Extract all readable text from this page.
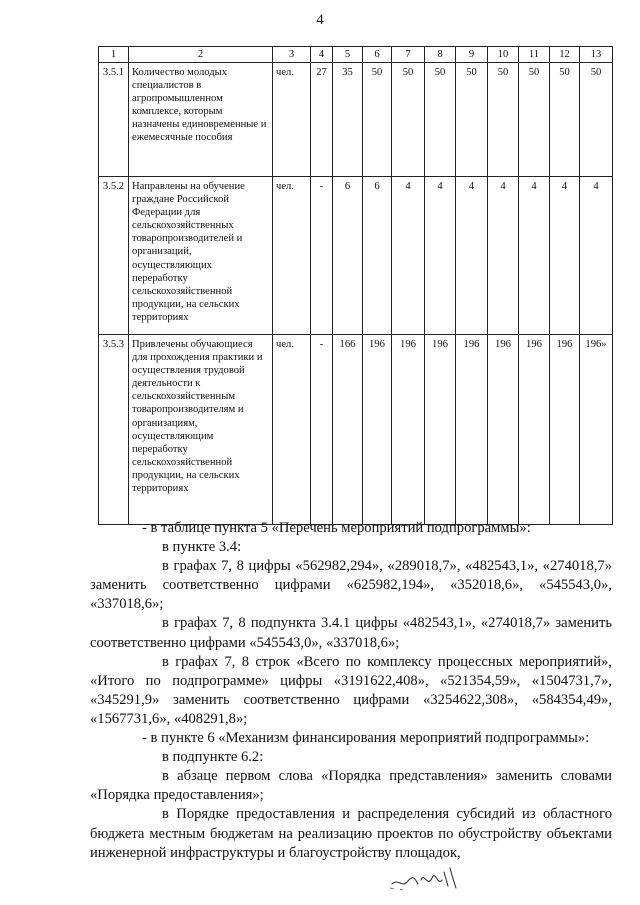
4
1	2	3	4	5	6	7	8	9	10	11	12	13
3.5.1	Количество молодых специалистов в агропромышленном комплексе, которым назначены единовременные и ежемесячные пособия	чел.	27	35	50	50	50	50	50	50	50	50
3.5.2	Направлены на обучение граждане Российской Федерации для сельскохозяйственных товаропроизводителей и организаций, осуществляющих переработку сельскохозяйственной продукции, на сельских территориях	чел.	-	6	6	4	4	4	4	4	4	4
3.5.3	Привлечены обучающиеся для прохождения практики и осуществления трудовой деятельности к сельскохозяйственным товаропроизводителям и организациям, осуществляющим переработку сельскохозяйственной продукции, на сельских территориях	чел.	-	166	196	196	196	196	196	196	196	196»

- в таблице пункта 5 «Перечень мероприятий подпрограммы»:

в пункте 3.4:

в графах 7, 8 цифры «562982,294», «289018,7», «482543,1», «274018,7» заменить соответственно цифрами «625982,194», «352018,6», «545543,0», «337018,6»;

в графах 7, 8 подпункта 3.4.1 цифры «482543,1», «274018,7» заменить соответственно цифрами «545543,0», «337018,6»;

в графах 7, 8 строк «Всего по комплексу процессных мероприятий», «Итого по подпрограмме» цифры «3191622,408», «521354,59», «1504731,7», «345291,9» заменить соответственно цифрами «3254622,308», «584354,49», «1567731,6», «408291,8»;

- в пункте 6 «Механизм финансирования мероприятий подпрограммы»:

в подпункте 6.2:

в абзаце первом слова «Порядка представления» заменить словами «Порядка предоставления»;

в Порядке предоставления и распределения субсидий из областного бюджета местным бюджетам на реализацию проектов по обустройству объектами инженерной инфраструктуры и благоустройству площадок,
